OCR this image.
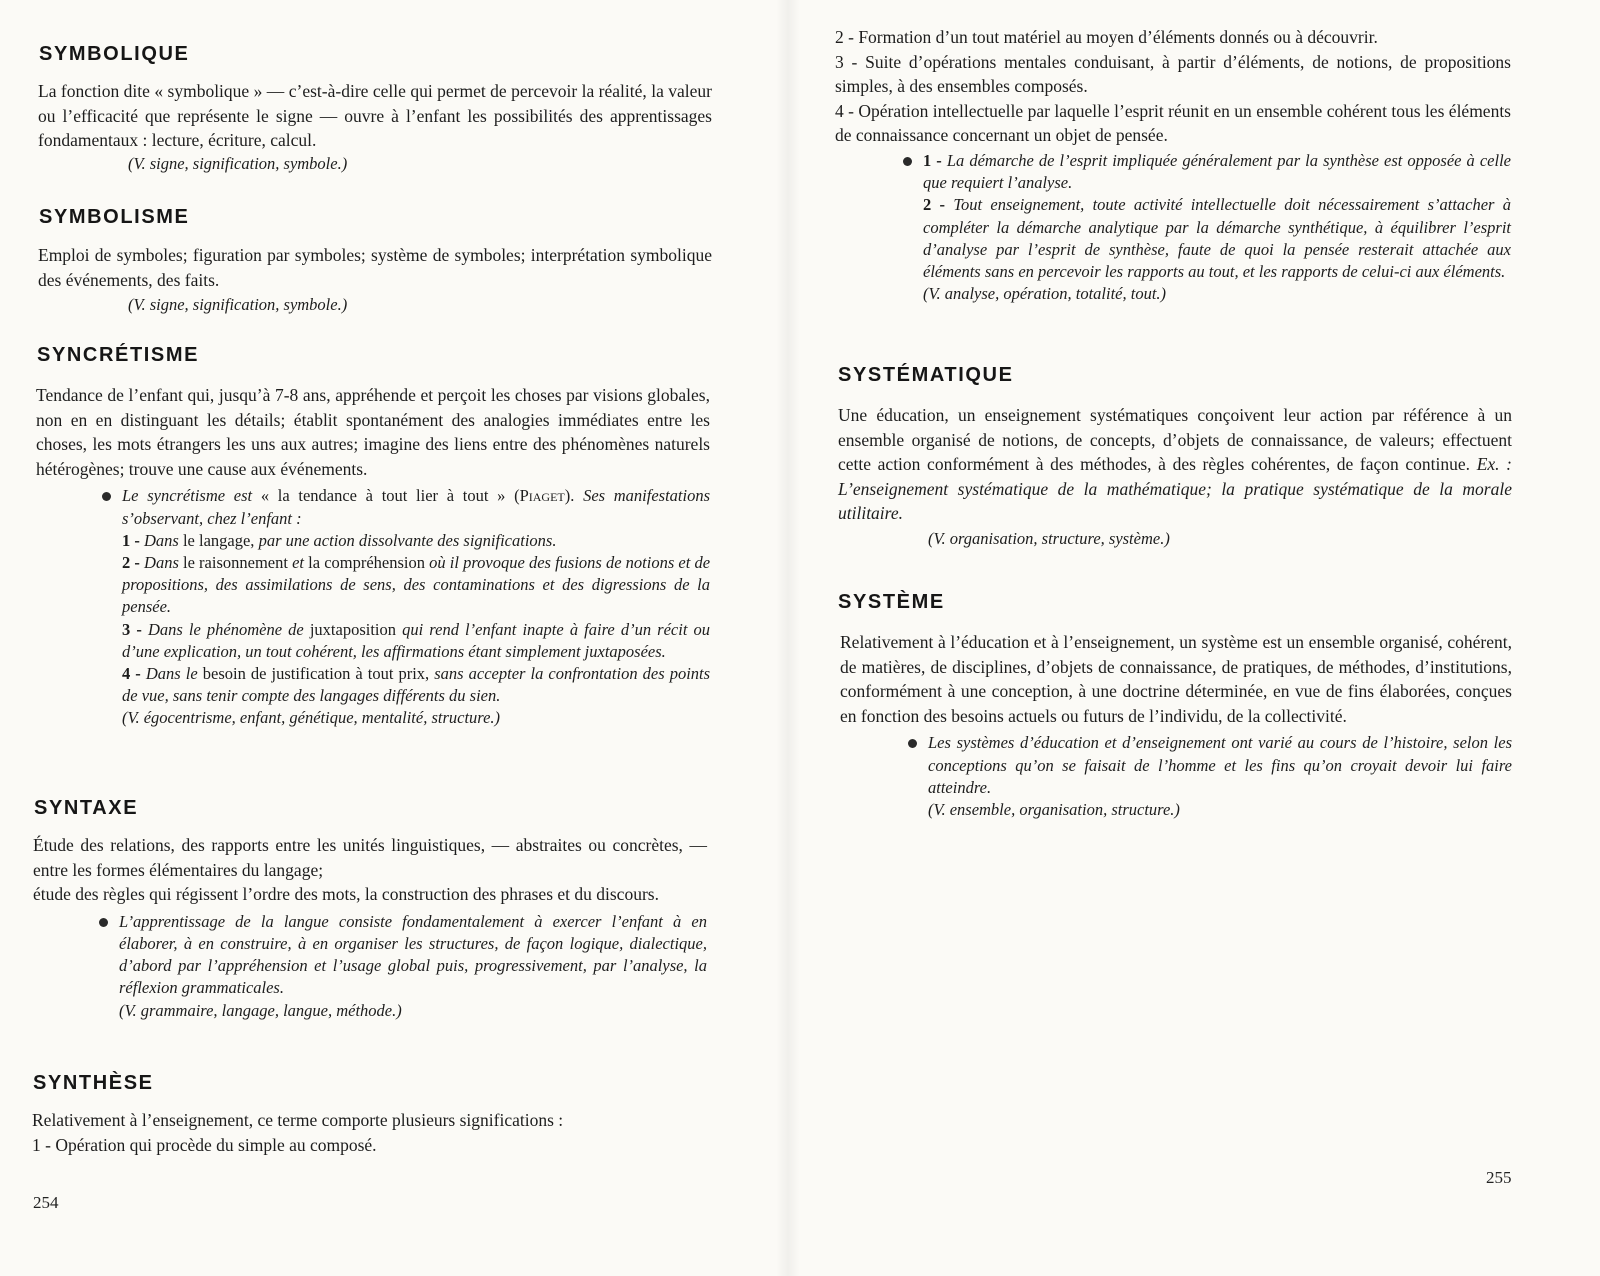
SYMBOLIQUE

La fonction dite « symbolique » — c’est-à-dire celle qui permet de percevoir la réalité, la valeur ou l’efficacité que représente le signe — ouvre à l’enfant les possibilités des apprentissages fondamentaux : lecture, écriture, calcul.

(V. signe, signification, symbole.)

SYMBOLISME

Emploi de symboles; figuration par symboles; système de symboles; interprétation symbolique des événements, des faits.

(V. signe, signification, symbole.)

SYNCRÉTISME

Tendance de l’enfant qui, jusqu’à 7-8 ans, appréhende et perçoit les choses par visions globales, non en en distinguant les détails; établit spontanément des analogies immédiates entre les choses, les mots étrangers les uns aux autres; imagine des liens entre des phénomènes naturels hétérogènes; trouve une cause aux événements.

Le syncrétisme est « la tendance à tout lier à tout » (Piaget). Ses manifestations s’observant, chez l’enfant :
1 - Dans le langage, par une action dissolvante des significations.
2 - Dans le raisonnement et la compréhension où il provoque des fusions de notions et de propositions, des assimilations de sens, des contaminations et des digressions de la pensée.
3 - Dans le phénomène de juxtaposition qui rend l’enfant inapte à faire d’un récit ou d’une explication, un tout cohérent, les affirmations étant simplement juxtaposées.
4 - Dans le besoin de justification à tout prix, sans accepter la confrontation des points de vue, sans tenir compte des langages différents du sien.
(V. égocentrisme, enfant, génétique, mentalité, structure.)
SYNTAXE

Étude des relations, des rapports entre les unités linguistiques, — abstraites ou concrètes, — entre les formes élémentaires du langage;

étude des règles qui régissent l’ordre des mots, la construction des phrases et du discours.

L’apprentissage de la langue consiste fondamentalement à exercer l’enfant à en élaborer, à en construire, à en organiser les structures, de façon logique, dialectique, d’abord par l’appréhension et l’usage global puis, progressivement, par l’analyse, la réflexion grammaticales.
(V. grammaire, langage, langue, méthode.)
SYNTHÈSE

Relativement à l’enseignement, ce terme comporte plusieurs significations :

1 - Opération qui procède du simple au composé.

254

2 - Formation d’un tout matériel au moyen d’éléments donnés ou à découvrir.

3 - Suite d’opérations mentales conduisant, à partir d’éléments, de notions, de propositions simples, à des ensembles composés.

4 - Opération intellectuelle par laquelle l’esprit réunit en un ensemble cohérent tous les éléments de connaissance concernant un objet de pensée.

1 - La démarche de l’esprit impliquée généralement par la synthèse est opposée à celle que requiert l’analyse.
2 - Tout enseignement, toute activité intellectuelle doit nécessairement s’attacher à compléter la démarche analytique par la démarche synthétique, à équilibrer l’esprit d’analyse par l’esprit de synthèse, faute de quoi la pensée resterait attachée aux éléments sans en percevoir les rapports au tout, et les rapports de celui-ci aux éléments.
(V. analyse, opération, totalité, tout.)
SYSTÉMATIQUE

Une éducation, un enseignement systématiques conçoivent leur action par référence à un ensemble organisé de notions, de concepts, d’objets de connaissance, de valeurs; effectuent cette action conformément à des méthodes, à des règles cohérentes, de façon continue. Ex. : L’enseignement systématique de la mathématique; la pratique systématique de la morale utilitaire.

(V. organisation, structure, système.)

SYSTÈME

Relativement à l’éducation et à l’enseignement, un système est un ensemble organisé, cohérent, de matières, de disciplines, d’objets de connaissance, de pratiques, de méthodes, d’institutions, conformément à une conception, à une doctrine déterminée, en vue de fins élaborées, conçues en fonction des besoins actuels ou futurs de l’individu, de la collectivité.

Les systèmes d’éducation et d’enseignement ont varié au cours de l’histoire, selon les conceptions qu’on se faisait de l’homme et les fins qu’on croyait devoir lui faire atteindre.
(V. ensemble, organisation, structure.)
255
